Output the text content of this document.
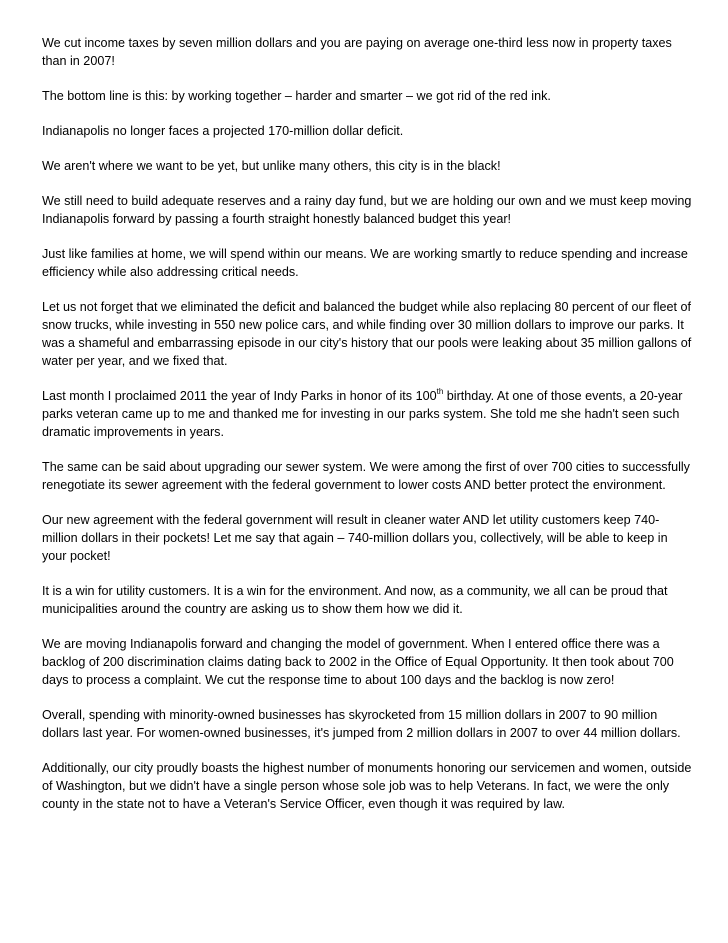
We cut income taxes by seven million dollars and you are paying on average one-third less now in property taxes than in 2007!

The bottom line is this: by working together – harder and smarter – we got rid of the red ink.

Indianapolis no longer faces a projected 170-million dollar deficit.

We aren't where we want to be yet, but unlike many others, this city is in the black!

We still need to build adequate reserves and a rainy day fund, but we are holding our own and we must keep moving Indianapolis forward by passing a fourth straight honestly balanced budget this year!

Just like families at home, we will spend within our means. We are working smartly to reduce spending and increase efficiency while also addressing critical needs.

Let us not forget that we eliminated the deficit and balanced the budget while also replacing 80 percent of our fleet of snow trucks, while investing in 550 new police cars, and while finding over 30 million dollars to improve our parks. It was a shameful and embarrassing episode in our city's history that our pools were leaking about 35 million gallons of water per year, and we fixed that.

Last month I proclaimed 2011 the year of Indy Parks in honor of its 100th birthday. At one of those events, a 20-year parks veteran came up to me and thanked me for investing in our parks system. She told me she hadn't seen such dramatic improvements in years.

The same can be said about upgrading our sewer system. We were among the first of over 700 cities to successfully renegotiate its sewer agreement with the federal government to lower costs AND better protect the environment.

Our new agreement with the federal government will result in cleaner water AND let utility customers keep 740-million dollars in their pockets! Let me say that again – 740-million dollars you, collectively, will be able to keep in your pocket!

It is a win for utility customers. It is a win for the environment. And now, as a community, we all can be proud that municipalities around the country are asking us to show them how we did it.

We are moving Indianapolis forward and changing the model of government. When I entered office there was a backlog of 200 discrimination claims dating back to 2002 in the Office of Equal Opportunity. It then took about 700 days to process a complaint. We cut the response time to about 100 days and the backlog is now zero!

Overall, spending with minority-owned businesses has skyrocketed from 15 million dollars in 2007 to 90 million dollars last year. For women-owned businesses, it's jumped from 2 million dollars in 2007 to over 44 million dollars.

Additionally, our city proudly boasts the highest number of monuments honoring our servicemen and women, outside of Washington, but we didn't have a single person whose sole job was to help Veterans. In fact, we were the only county in the state not to have a Veteran's Service Officer, even though it was required by law.
